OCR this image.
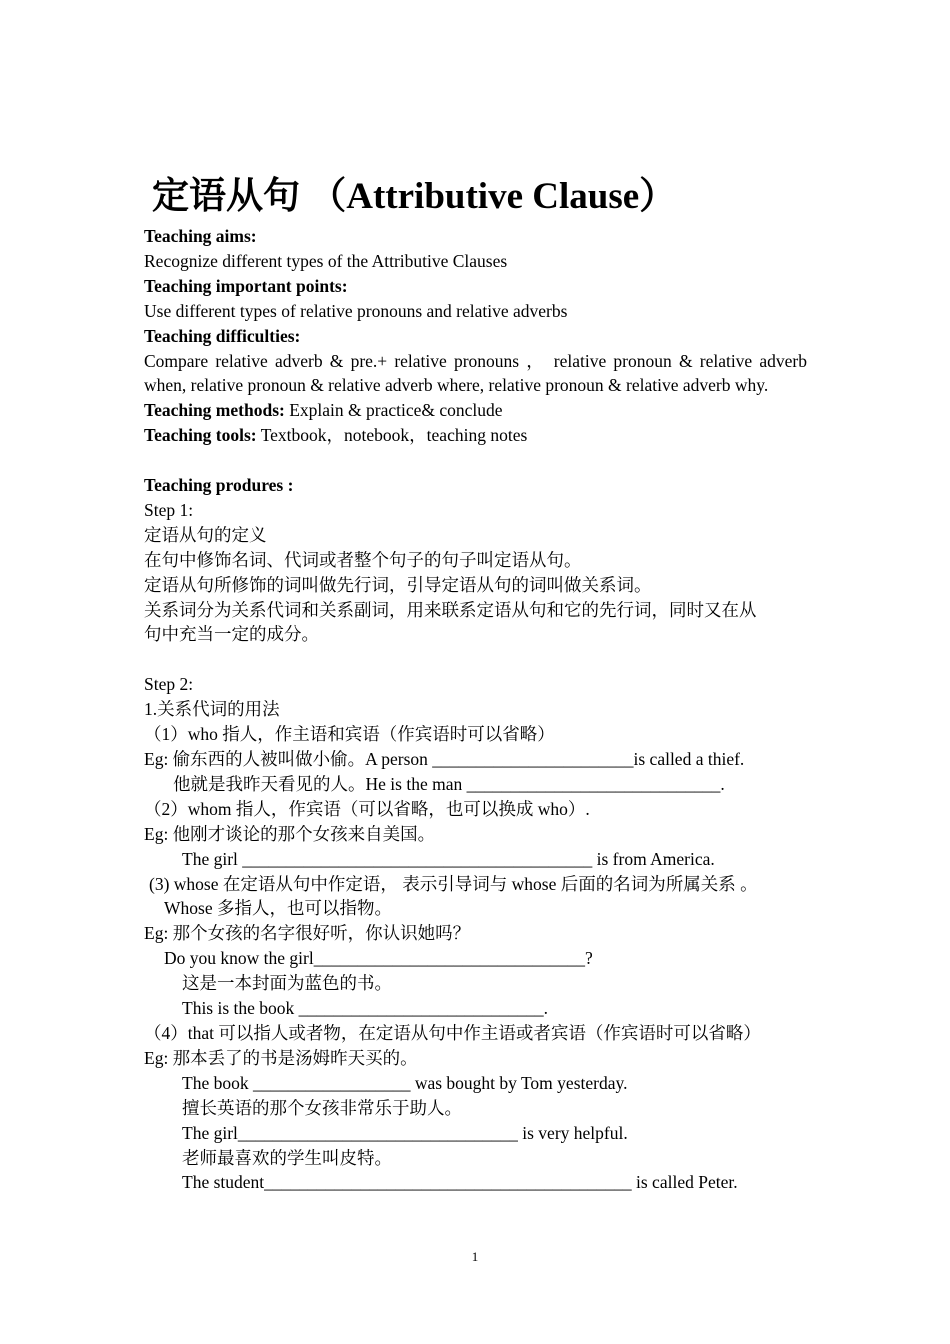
定语从句 （Attributive Clause）
Teaching aims:
Recognize different types of the Attributive Clauses
Teaching important points:
Use different types of relative pronouns and relative adverbs
Teaching difficulties:
Compare relative adverb & pre.+ relative pronouns ， relative pronoun & relative adverb when, relative pronoun & relative adverb where, relative pronoun & relative adverb why.
Teaching methods: Explain & practice& conclude
Teaching tools: Textbook，notebook，teaching notes
Teaching produres :
Step 1:
定语从句的定义
在句中修饰名词、代词或者整个句子的句子叫定语从句。
定语从句所修饰的词叫做先行词，引导定语从句的词叫做关系词。
关系词分为关系代词和关系副词，用来联系定语从句和它的先行词，同时又在从
句中充当一定的成分。
Step 2:
1.关系代词的用法
（1）who 指人，作主语和宾语（作宾语时可以省略）
Eg: 偷东西的人被叫做小偷。A person _______________________is called a thief.
他就是我昨天看见的人。He is the man _____________________________.
（2）whom 指人，作宾语（可以省略，也可以换成 who）.
Eg: 他刚才谈论的那个女孩来自美国。
The girl ________________________________________ is from America.
(3) whose 在定语从句中作定语， 表示引导词与 whose 后面的名词为所属关系 。
Whose 多指人，也可以指物。
Eg: 那个女孩的名字很好听，你认识她吗？
Do you know the girl_______________________________?
这是一本封面为蓝色的书。
This is the book ____________________________.
（4）that 可以指人或者物，在定语从句中作主语或者宾语（作宾语时可以省略）
Eg: 那本丢了的书是汤姆昨天买的。
The book __________________ was bought by Tom yesterday.
擅长英语的那个女孩非常乐于助人。
The girl________________________________ is very helpful.
老师最喜欢的学生叫皮特。
The student__________________________________________ is called Peter.
1
